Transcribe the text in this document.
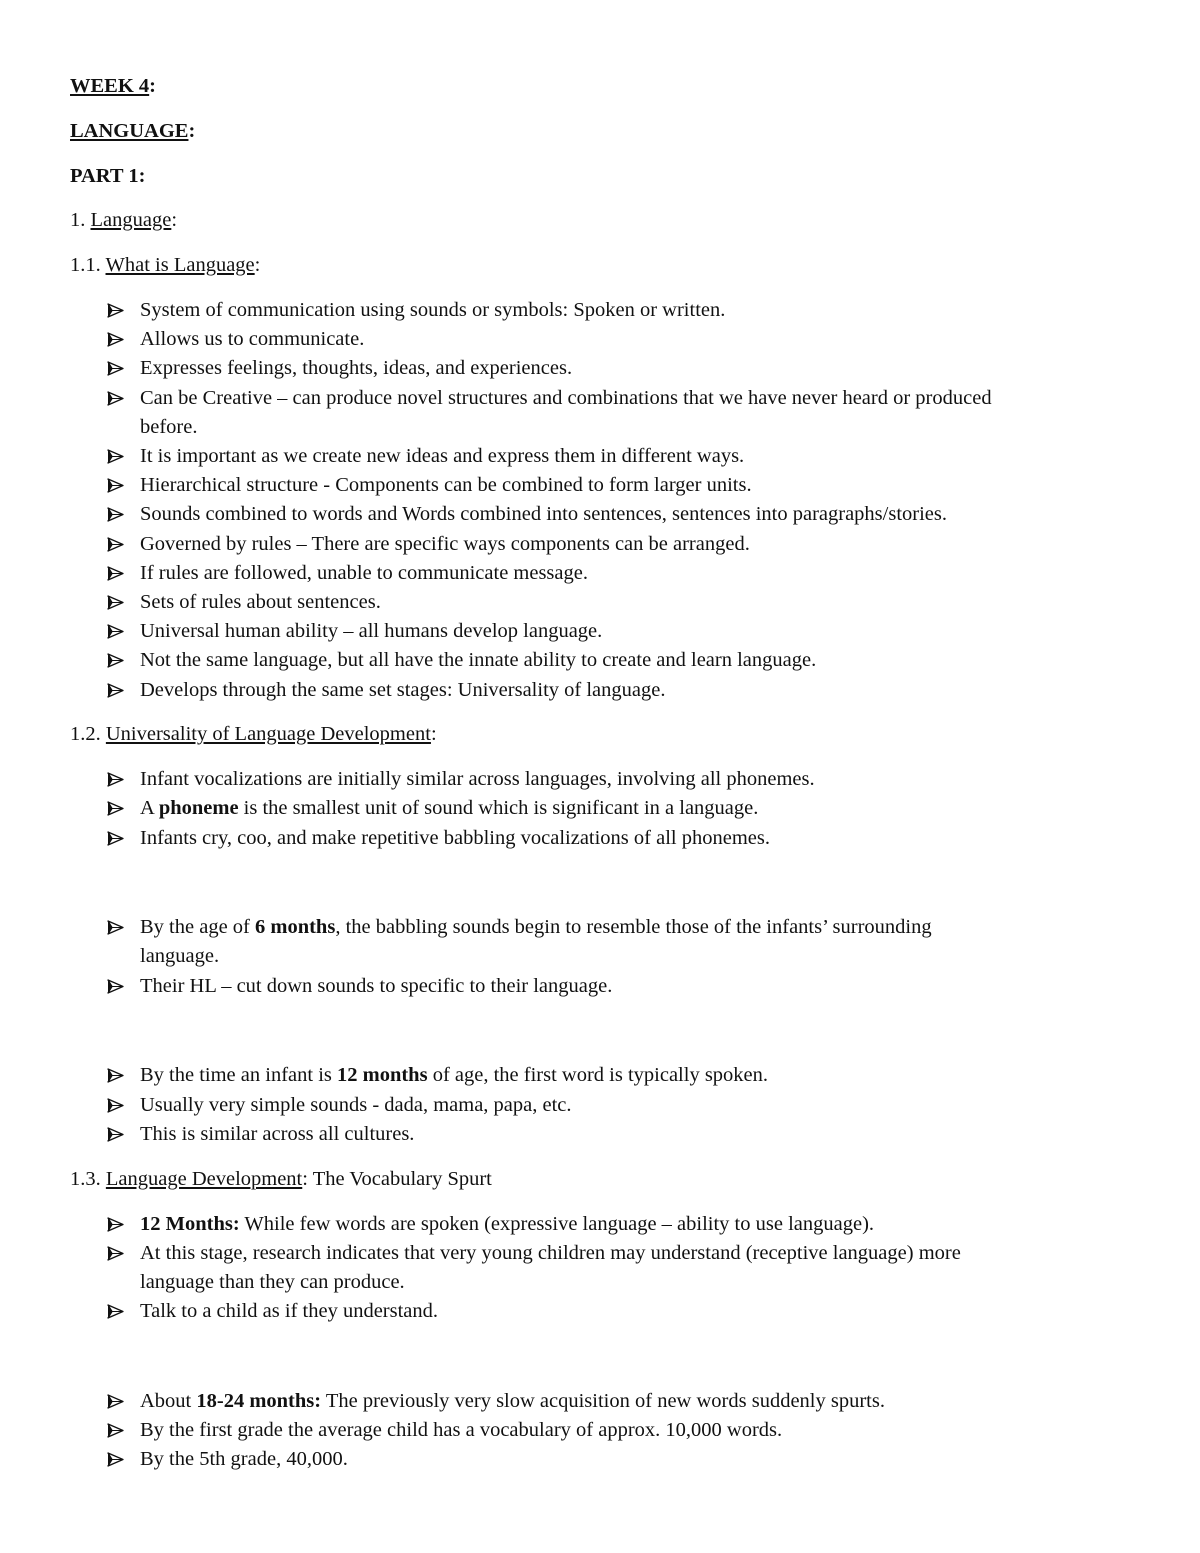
WEEK 4:
LANGUAGE:
PART 1:
1. Language:
1.1. What is Language:
System of communication using sounds or symbols: Spoken or written.
Allows us to communicate.
Expresses feelings, thoughts, ideas, and experiences.
Can be Creative – can produce novel structures and combinations that we have never heard or produced
before.
It is important as we create new ideas and express them in different ways.
Hierarchical structure - Components can be combined to form larger units.
Sounds combined to words and Words combined into sentences, sentences into paragraphs/stories.
Governed by rules – There are specific ways components can be arranged.
If rules are followed, unable to communicate message.
Sets of rules about sentences.
Universal human ability – all humans develop language.
Not the same language, but all have the innate ability to create and learn language.
Develops through the same set stages: Universality of language.
1.2. Universality of Language Development:
Infant vocalizations are initially similar across languages, involving all phonemes.
A phoneme is the smallest unit of sound which is significant in a language.
Infants cry, coo, and make repetitive babbling vocalizations of all phonemes.
By the age of 6 months, the babbling sounds begin to resemble those of the infants’ surrounding
language.
Their HL – cut down sounds to specific to their language.
By the time an infant is 12 months of age, the first word is typically spoken.
Usually very simple sounds - dada, mama, papa, etc.
This is similar across all cultures.
1.3. Language Development: The Vocabulary Spurt
12 Months: While few words are spoken (expressive language – ability to use language).
At this stage, research indicates that very young children may understand (receptive language) more
language than they can produce.
Talk to a child as if they understand.
About 18-24 months: The previously very slow acquisition of new words suddenly spurts.
By the first grade the average child has a vocabulary of approx. 10,000 words.
By the 5th grade, 40,000.
